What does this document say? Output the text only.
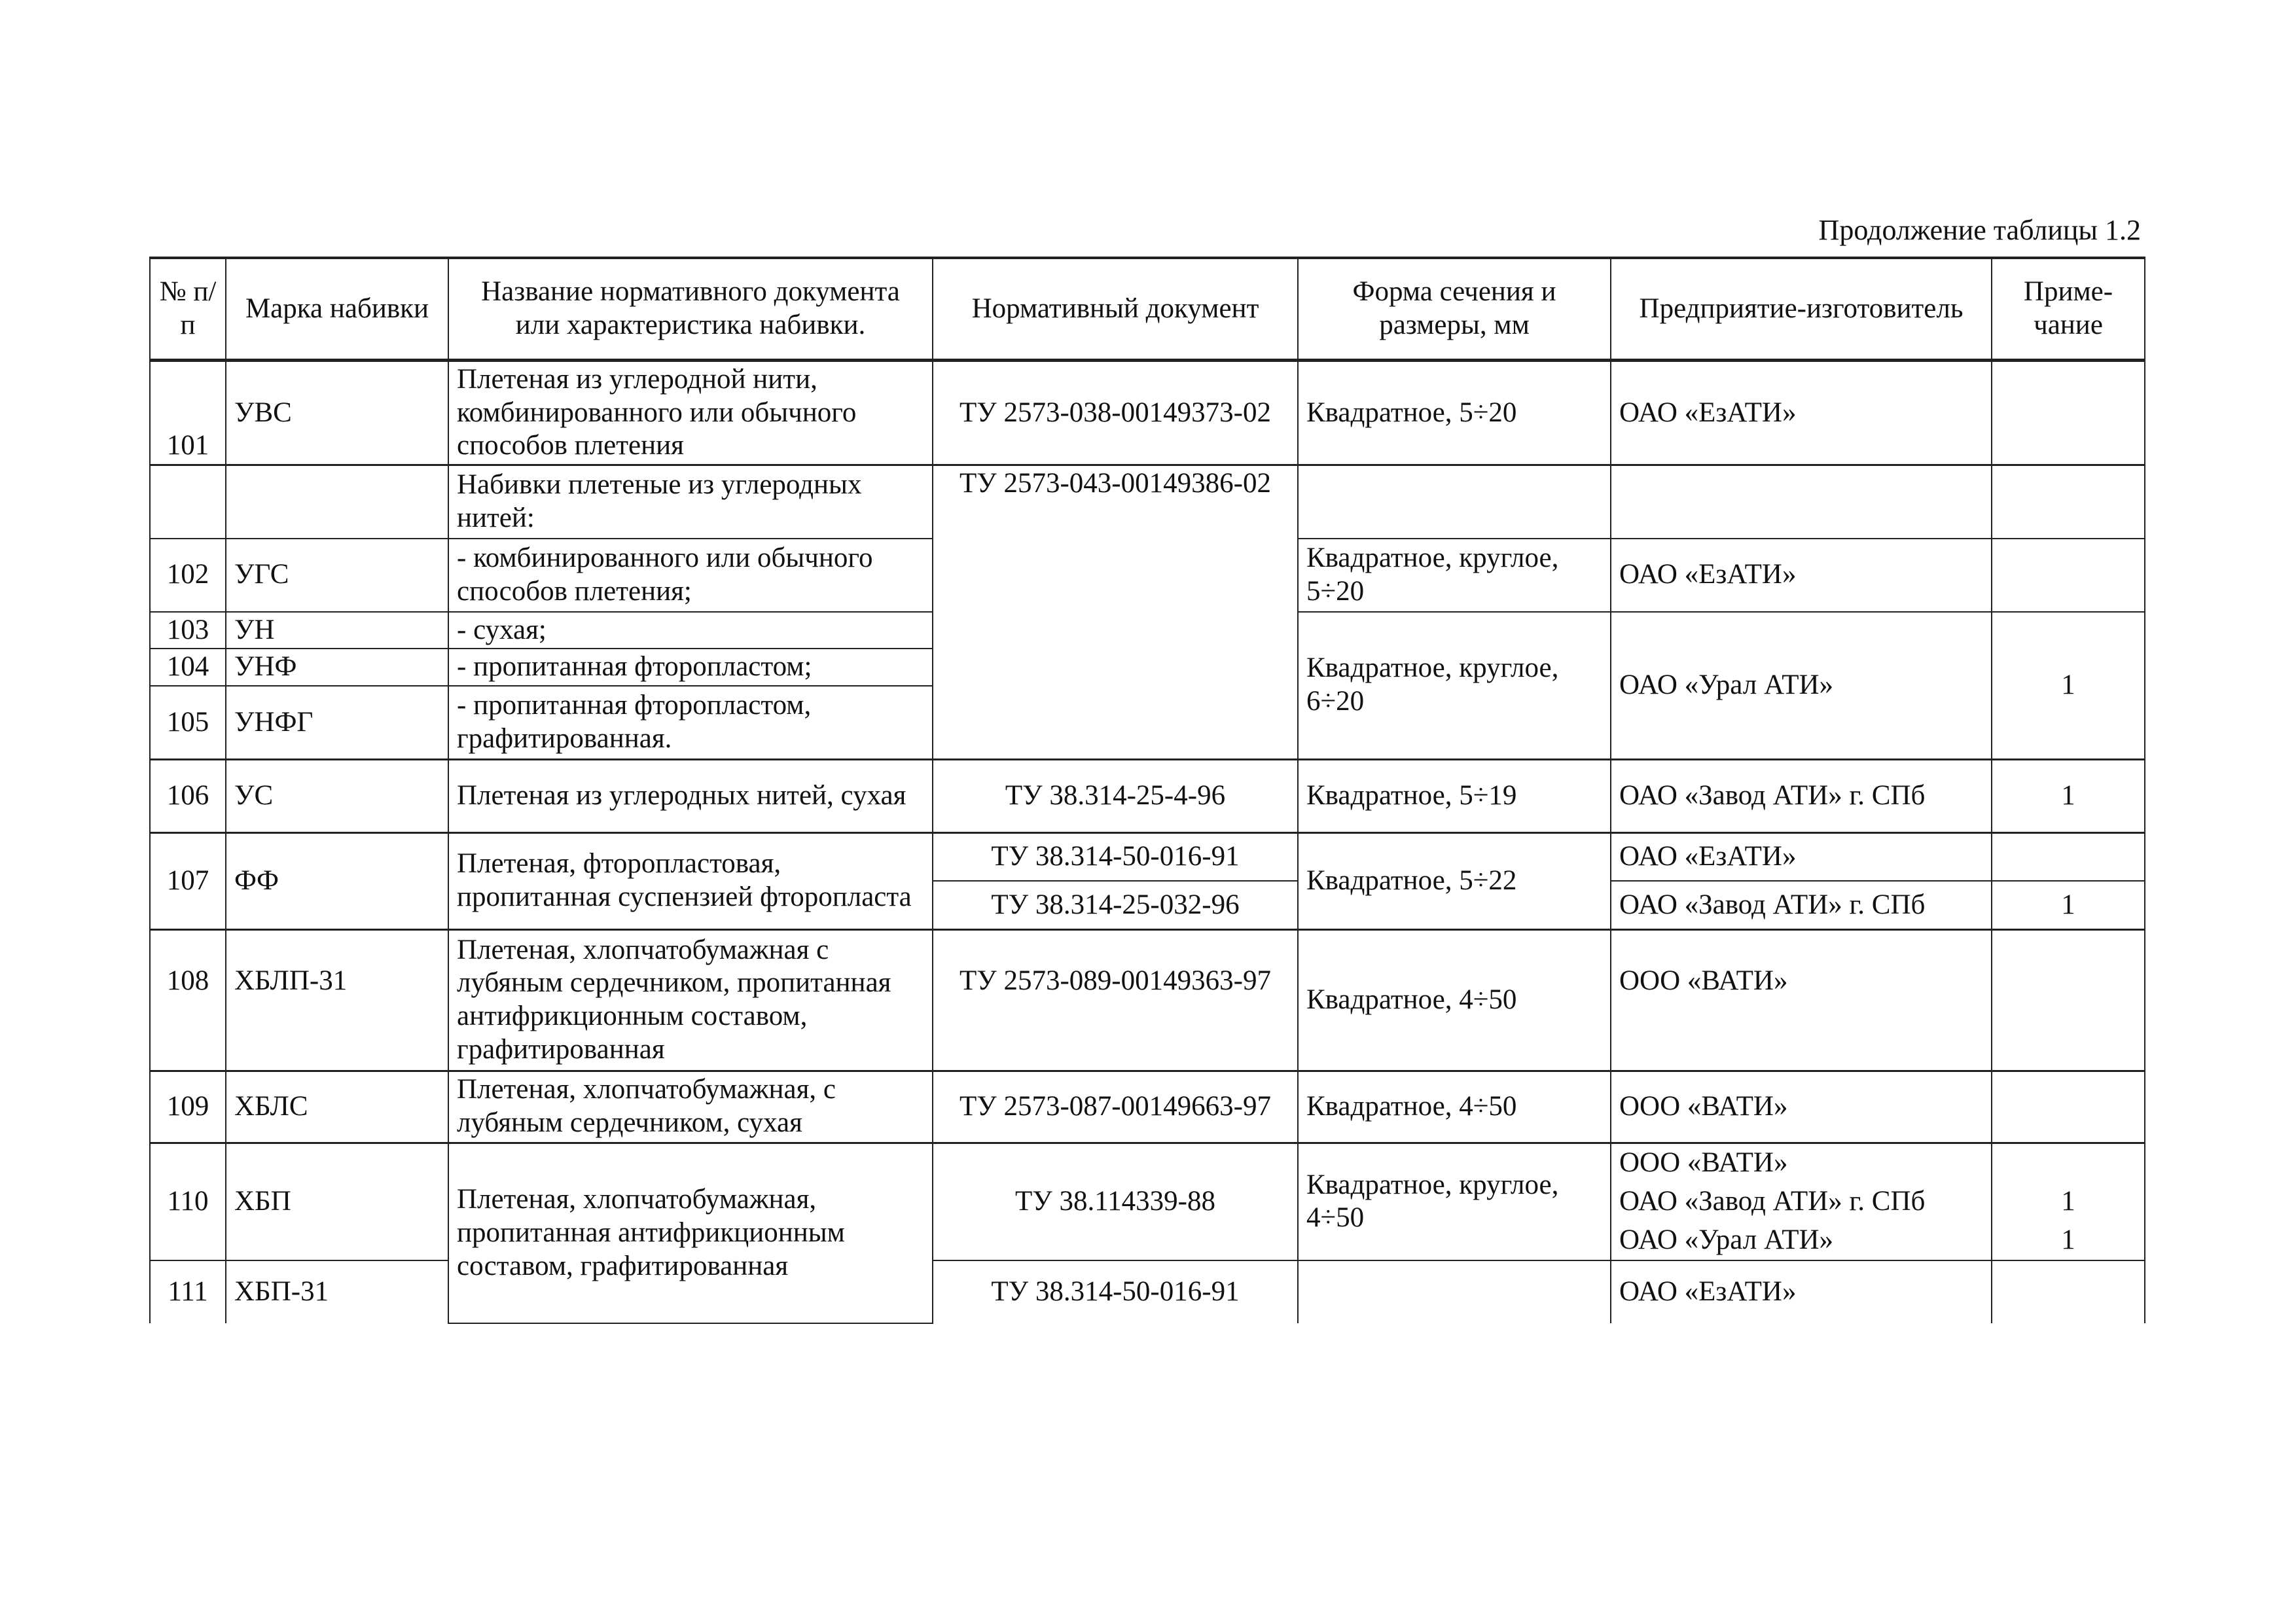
Продолжение таблицы 1.2
№ п/п	Марка набивки	Название нормативного документа или характеристика набивки.	Нормативный документ	Форма сечения и размеры, мм	Предприятие-изготовитель	Приме-чание
101	УВС	Плетеная из углеродной нити, комбинированного или обычного способов плетения	ТУ 2573-038-00149373-02	Квадратное, 5÷20	ОАО «ЕзАТИ»	
		Набивки плетеные из углеродных нитей:	ТУ 2573-043-00149386-02			
102	УГС	- комбинированного или обычного способов плетения;		Квадратное, круглое, 5÷20	ОАО «ЕзАТИ»	
103	УН	- сухая;		Квадратное, круглое, 6÷20	ОАО «Урал АТИ»	1
104	УНФ	- пропитанная фторопластом;				
105	УНФГ	- пропитанная фторопластом, графитированная.				
106	УС	Плетеная из углеродных нитей, сухая	ТУ 38.314-25-4-96	Квадратное, 5÷19	ОАО «Завод АТИ» г. СПб	1
107	ФФ	Плетеная, фторопластовая, пропитанная суспензией фторопласта	ТУ 38.314-50-016-91	Квадратное, 5÷22	ОАО «ЕзАТИ»	
			ТУ 38.314-25-032-96		ОАО «Завод АТИ» г. СПб	1
108	ХБЛП-31	Плетеная, хлопчатобумажная с лубяным сердечником, пропитанная антифрикционным составом, графитированная	ТУ 2573-089-00149363-97	Квадратное, 4÷50	ООО «ВАТИ»	
109	ХБЛС	Плетеная, хлопчатобумажная, с лубяным сердечником, сухая	ТУ 2573-087-00149663-97	Квадратное, 4÷50	ООО «ВАТИ»	
110	ХБП	Плетеная, хлопчатобумажная, пропитанная антифрикционным составом, графитированная	ТУ 38.114339-88	Квадратное, круглое, 4÷50	ООО «ВАТИ»	
					ОАО «Завод АТИ» г. СПб	1
					ОАО «Урал АТИ»	1
111	ХБП-31		ТУ 38.314-50-016-91		ОАО «ЕзАТИ»	
